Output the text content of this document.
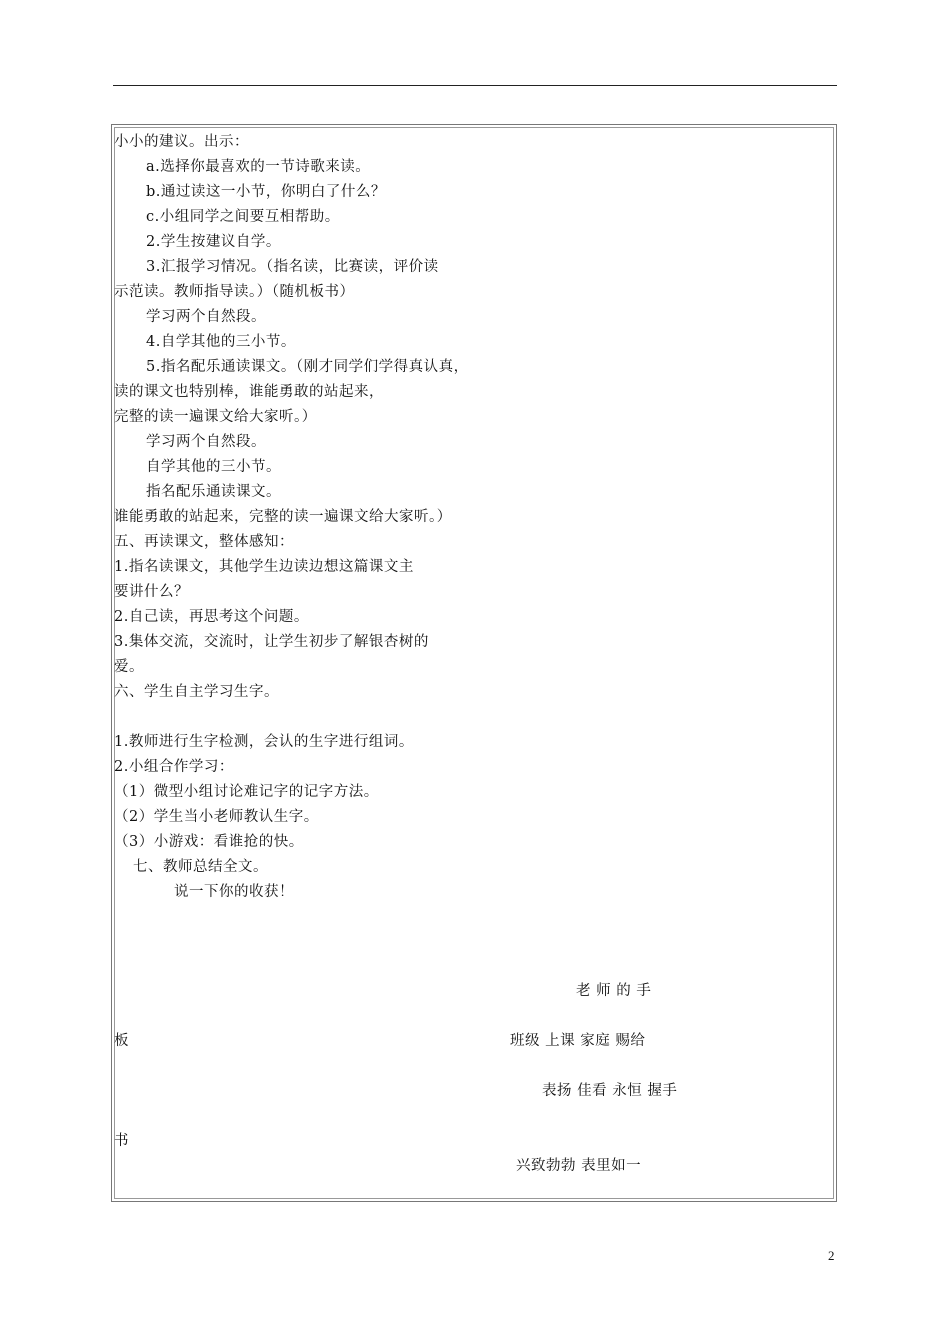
小小的建议。出示：
a.选择你最喜欢的一节诗歌来读。
b.通过读这一小节，你明白了什么？
c.小组同学之间要互相帮助。
2.学生按建议自学。
3.汇报学习情况。（指名读，比赛读，评价读
示范读。教师指导读。）（随机板书）
学习两个自然段。
4.自学其他的三小节。
5.指名配乐通读课文。（刚才同学们学得真认真，
读的课文也特别棒，谁能勇敢的站起来，
完整的读一遍课文给大家听。）
学习两个自然段。
自学其他的三小节。
指名配乐通读课文。
谁能勇敢的站起来，完整的读一遍课文给大家听。）
五、再读课文，整体感知：
1.指名读课文，其他学生边读边想这篇课文主
要讲什么？
2.自己读，再思考这个问题。
3.集体交流，交流时，让学生初步了解银杏树的
爱。
六、学生自主学习生字。
1.教师进行生字检测，会认的生字进行组词。
2.小组合作学习：
（1）微型小组讨论难记字的记字方法。
（2）学生当小老师教认生字。
（3）小游戏：看谁抢的快。
七、教师总结全文。
说一下你的收获！
老 师 的 手
板	班级 上课 家庭 赐给
表扬 佳看 永恒 握手
书
兴致勃勃 表里如一
2
